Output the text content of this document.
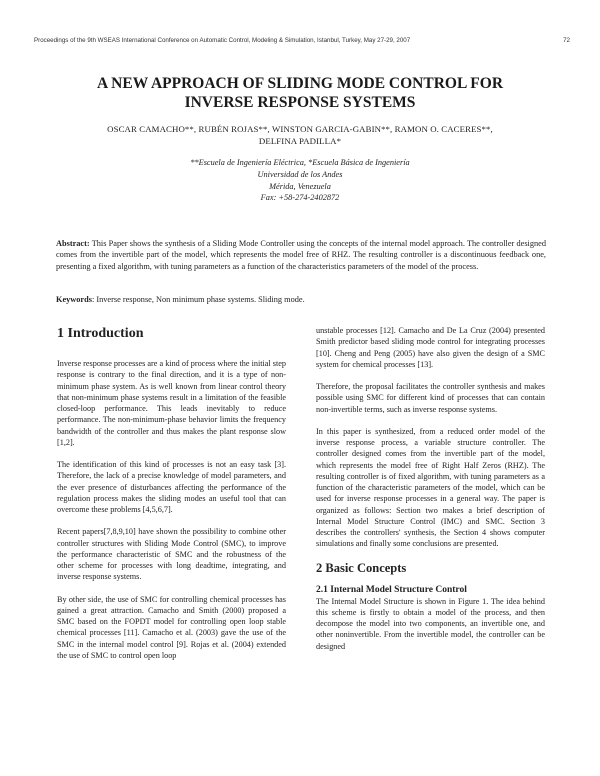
Proceedings of the 9th WSEAS International Conference on Automatic Control, Modeling & Simulation, Istanbul, Turkey, May 27-29, 2007	72
A NEW APPROACH OF SLIDING MODE CONTROL FOR
INVERSE RESPONSE SYSTEMS
OSCAR CAMACHO**, RUBÉN ROJAS**, WINSTON GARCIA-GABIN**, RAMON O. CACERES**,
DELFINA PADILLA*
**Escuela de Ingeniería Eléctrica, *Escuela Básica de Ingeniería
Universidad de los Andes
Mérida, Venezuela
Fax: +58-274-2402872
Abstract: This Paper shows the synthesis of a Sliding Mode Controller using the concepts of the internal model approach. The controller designed comes from the invertible part of the model, which represents the model free of RHZ. The resulting controller is a discontinuous feedback one, presenting a fixed algorithm, with tuning parameters as a function of the characteristics parameters of the model of the process.
Keywords: Inverse response, Non minimum phase systems. Sliding mode.
1 Introduction

Inverse response processes are a kind of process where the initial step response is contrary to the final direction, and it is a type of non-minimum phase system. As is well known from linear control theory that non-minimum phase systems result in a limitation of the feasible closed-loop performance. This leads inevitably to reduce performance. The non-minimum-phase behavior limits the frequency bandwidth of the controller and thus makes the plant response slow [1,2].

The identification of this kind of processes is not an easy task [3]. Therefore, the lack of a precise knowledge of model parameters, and the ever presence of disturbances affecting the performance of the regulation process makes the sliding modes an useful tool that can overcome these problems [4,5,6,7].

Recent papers[7,8,9,10] have shown the possibility to combine other controller structures with Sliding Mode Control (SMC), to improve the performance characteristic of SMC and the robustness of the other scheme for processes with long deadtime, integrating, and inverse response systems.

By other side, the use of SMC for controlling chemical processes has gained a great attraction. Camacho and Smith (2000) proposed a SMC based on the FOPDT model for controlling open loop stable chemical processes [11]. Camacho et al. (2003) gave the use of the SMC in the internal model control [9]. Rojas et al. (2004) extended the use of SMC to control open loop

unstable processes [12]. Camacho and De La Cruz (2004) presented Smith predictor based sliding mode control for integrating processes [10]. Cheng and Peng (2005) have also given the design of a SMC system for chemical processes [13].

Therefore, the proposal facilitates the controller synthesis and makes possible using SMC for different kind of processes that can contain non-invertible terms, such as inverse response systems.

In this paper is synthesized, from a reduced order model of the inverse response process, a variable structure controller. The controller designed comes from the invertible part of the model, which represents the model free of Right Half Zeros (RHZ). The resulting controller is of fixed algorithm, with tuning parameters as a function of the characteristic parameters of the model, which can be used for inverse response processes in a general way. The paper is organized as follows: Section two makes a brief description of Internal Model Structure Control (IMC) and SMC. Section 3 describes the controllers' synthesis, the Section 4 shows computer simulations and finally some conclusions are presented.

2 Basic Concepts
2.1 Internal Model Structure Control

The Internal Model Structure is shown in Figure 1. The idea behind this scheme is firstly to obtain a model of the process, and then decompose the model into two components, an invertible one, and other noninvertible. From the invertible model, the controller can be designed
